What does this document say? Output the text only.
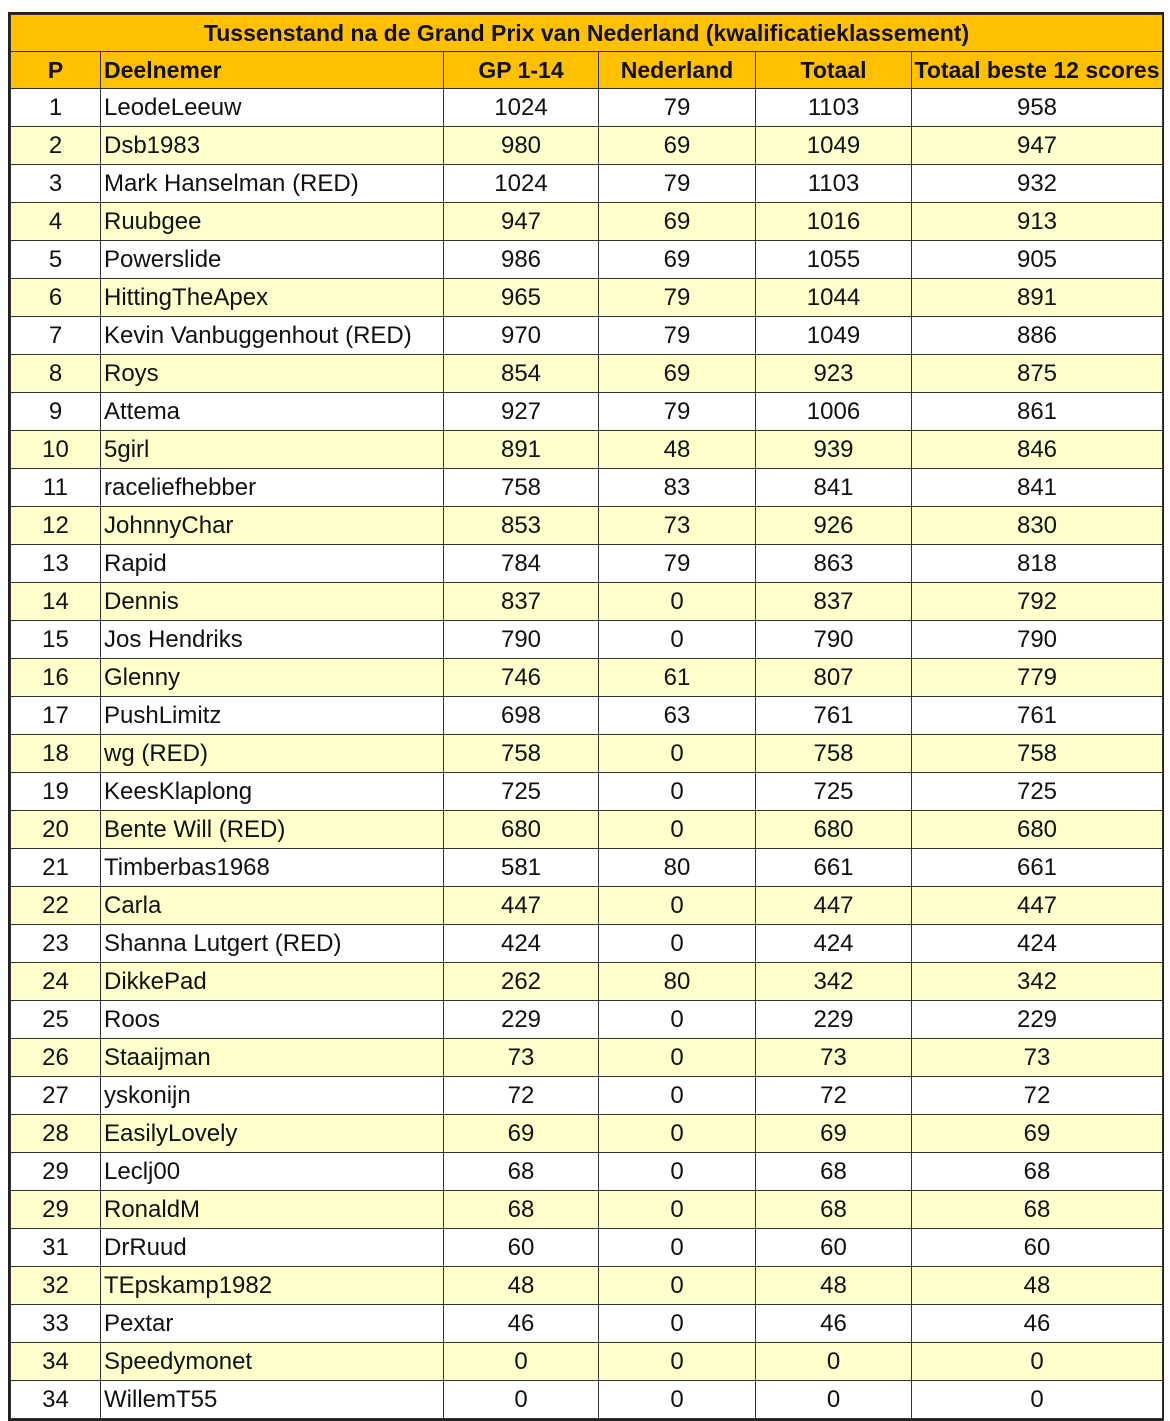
Tussenstand na de Grand Prix van Nederland (kwalificatieklassement)					
P	Deelnemer	GP 1-14	Nederland	Totaal	Totaal beste 12 scores
1	LeodeLeeuw	1024	79	1103	958
2	Dsb1983	980	69	1049	947
3	Mark Hanselman (RED)	1024	79	1103	932
4	Ruubgee	947	69	1016	913
5	Powerslide	986	69	1055	905
6	HittingTheApex	965	79	1044	891
7	Kevin Vanbuggenhout (RED)	970	79	1049	886
8	Roys	854	69	923	875
9	Attema	927	79	1006	861
10	5girl	891	48	939	846
11	raceliefhebber	758	83	841	841
12	JohnnyChar	853	73	926	830
13	Rapid	784	79	863	818
14	Dennis	837	0	837	792
15	Jos Hendriks	790	0	790	790
16	Glenny	746	61	807	779
17	PushLimitz	698	63	761	761
18	wg (RED)	758	0	758	758
19	KeesKlaplong	725	0	725	725
20	Bente Will (RED)	680	0	680	680
21	Timberbas1968	581	80	661	661
22	Carla	447	0	447	447
23	Shanna Lutgert (RED)	424	0	424	424
24	DikkePad	262	80	342	342
25	Roos	229	0	229	229
26	Staaijman	73	0	73	73
27	yskonijn	72	0	72	72
28	EasilyLovely	69	0	69	69
29	Leclj00	68	0	68	68
29	RonaldM	68	0	68	68
31	DrRuud	60	0	60	60
32	TEpskamp1982	48	0	48	48
33	Pextar	46	0	46	46
34	Speedymonet	0	0	0	0
34	WillemT55	0	0	0	0
